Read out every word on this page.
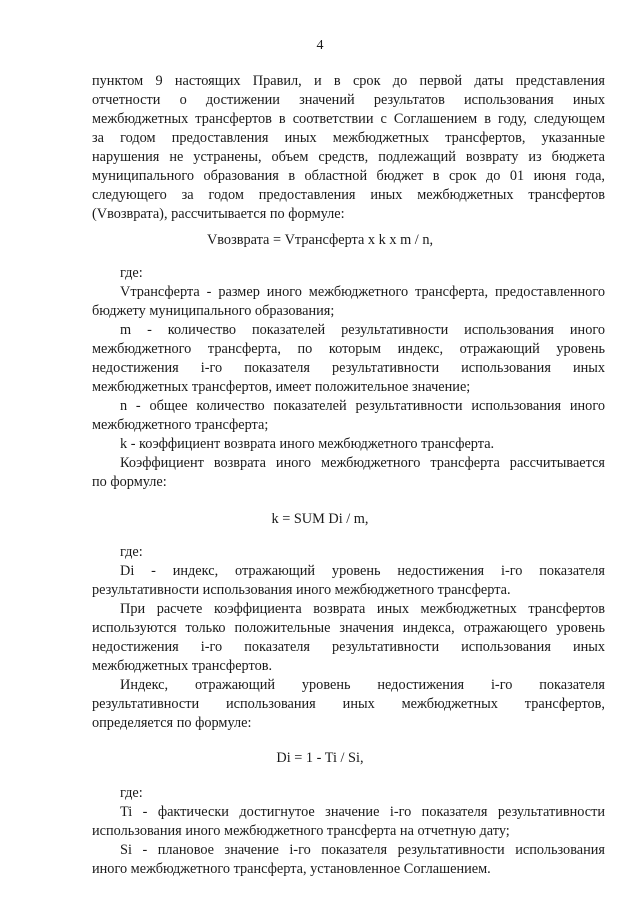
4
пунктом 9 настоящих Правил, и в срок до первой даты представления
отчетности о достижении значений результатов использования иных
межбюджетных трансфертов в соответствии с Соглашением в году, следующем
за годом предоставления иных межбюджетных трансфертов, указанные
нарушения не устранены, объем средств, подлежащий возврату из бюджета
муниципального образования в областной бюджет в срок до 01 июня года,
следующего за годом предоставления иных межбюджетных трансфертов
(Vвозврата), рассчитывается по формуле:
Vвозврата = Vтрансферта x k x m / n,
где:
Vтрансферта - размер иного межбюджетного трансферта, предоставленного
бюджету муниципального образования;
m - количество показателей результативности использования иного
межбюджетного трансферта, по которым индекс, отражающий уровень
недостижения i-го показателя результативности использования иных
межбюджетных трансфертов, имеет положительное значение;
n - общее количество показателей результативности использования иного
межбюджетного трансферта;
k - коэффициент возврата иного межбюджетного трансферта.
Коэффициент возврата иного межбюджетного трансферта рассчитывается
по формуле:
k = SUM Di / m,
где:
Di - индекс, отражающий уровень недостижения i-го показателя
результативности использования иного межбюджетного трансферта.
При расчете коэффициента возврата иных межбюджетных трансфертов
используются только положительные значения индекса, отражающего уровень
недостижения i-го показателя результативности использования иных
межбюджетных трансфертов.
Индекс, отражающий уровень недостижения i-го показателя
результативности использования иных межбюджетных трансфертов,
определяется по формуле:
Di = 1 - Ti / Si,
где:
Ti - фактически достигнутое значение i-го показателя результативности
использования иного межбюджетного трансферта на отчетную дату;
Si - плановое значение i-го показателя результативности использования
иного межбюджетного трансферта, установленное Соглашением.
